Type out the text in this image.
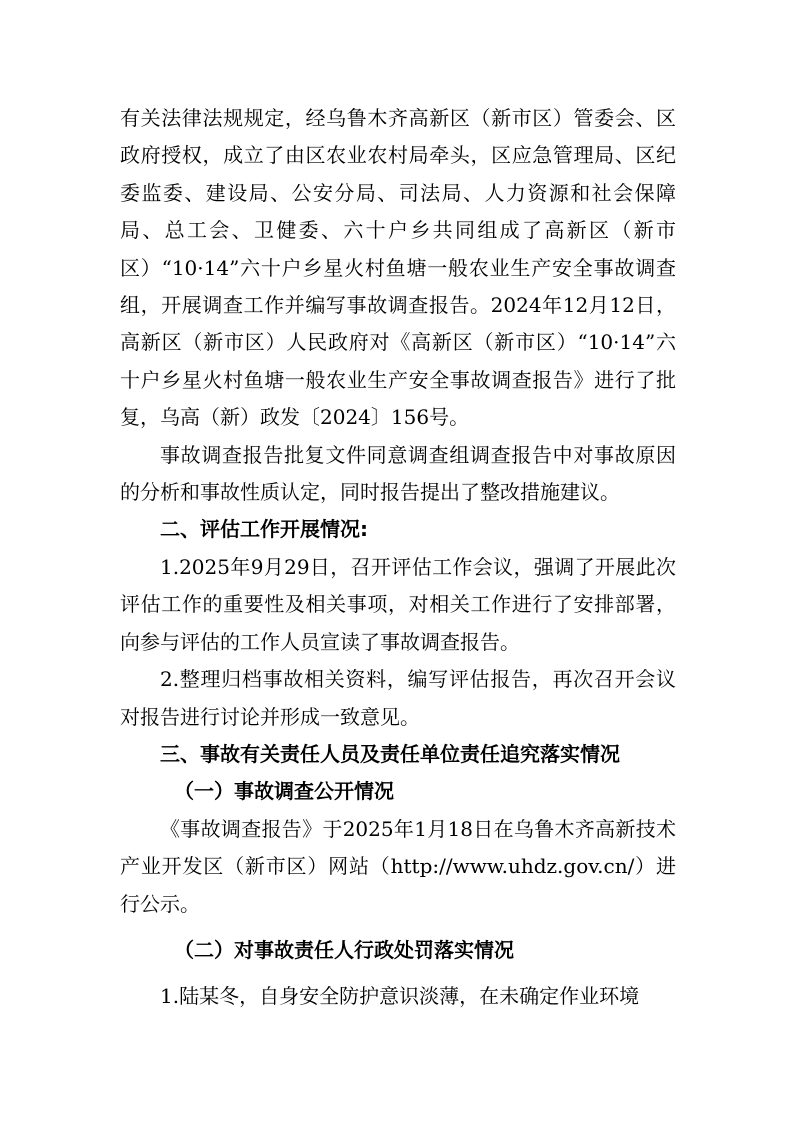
有关法律法规规定，经乌鲁木齐高新区（新市区）管委会、区政府授权，成立了由区农业农村局牵头，区应急管理局、区纪委监委、建设局、公安分局、司法局、人力资源和社会保障局、总工会、卫健委、六十户乡共同组成了高新区（新市区）“10·14”六十户乡星火村鱼塘一般农业生产安全事故调查组，开展调查工作并编写事故调查报告。2024年12月12日，高新区（新市区）人民政府对《高新区（新市区）“10·14”六十户乡星火村鱼塘一般农业生产安全事故调查报告》进行了批复，乌高（新）政发〔2024〕156号。

事故调查报告批复文件同意调查组调查报告中对事故原因的分析和事故性质认定，同时报告提出了整改措施建议。

二、评估工作开展情况:

1.2025年9月29日，召开评估工作会议，强调了开展此次评估工作的重要性及相关事项，对相关工作进行了安排部署，向参与评估的工作人员宣读了事故调查报告。

2.整理归档事故相关资料，编写评估报告，再次召开会议对报告进行讨论并形成一致意见。

三、事故有关责任人员及责任单位责任追究落实情况

（一）事故调查公开情况

《事故调查报告》于2025年1月18日在乌鲁木齐高新技术产业开发区（新市区）网站（http://www.uhdz.gov.cn/）进行公示。

（二）对事故责任人行政处罚落实情况

1.陆某冬，自身安全防护意识淡薄，在未确定作业环境
